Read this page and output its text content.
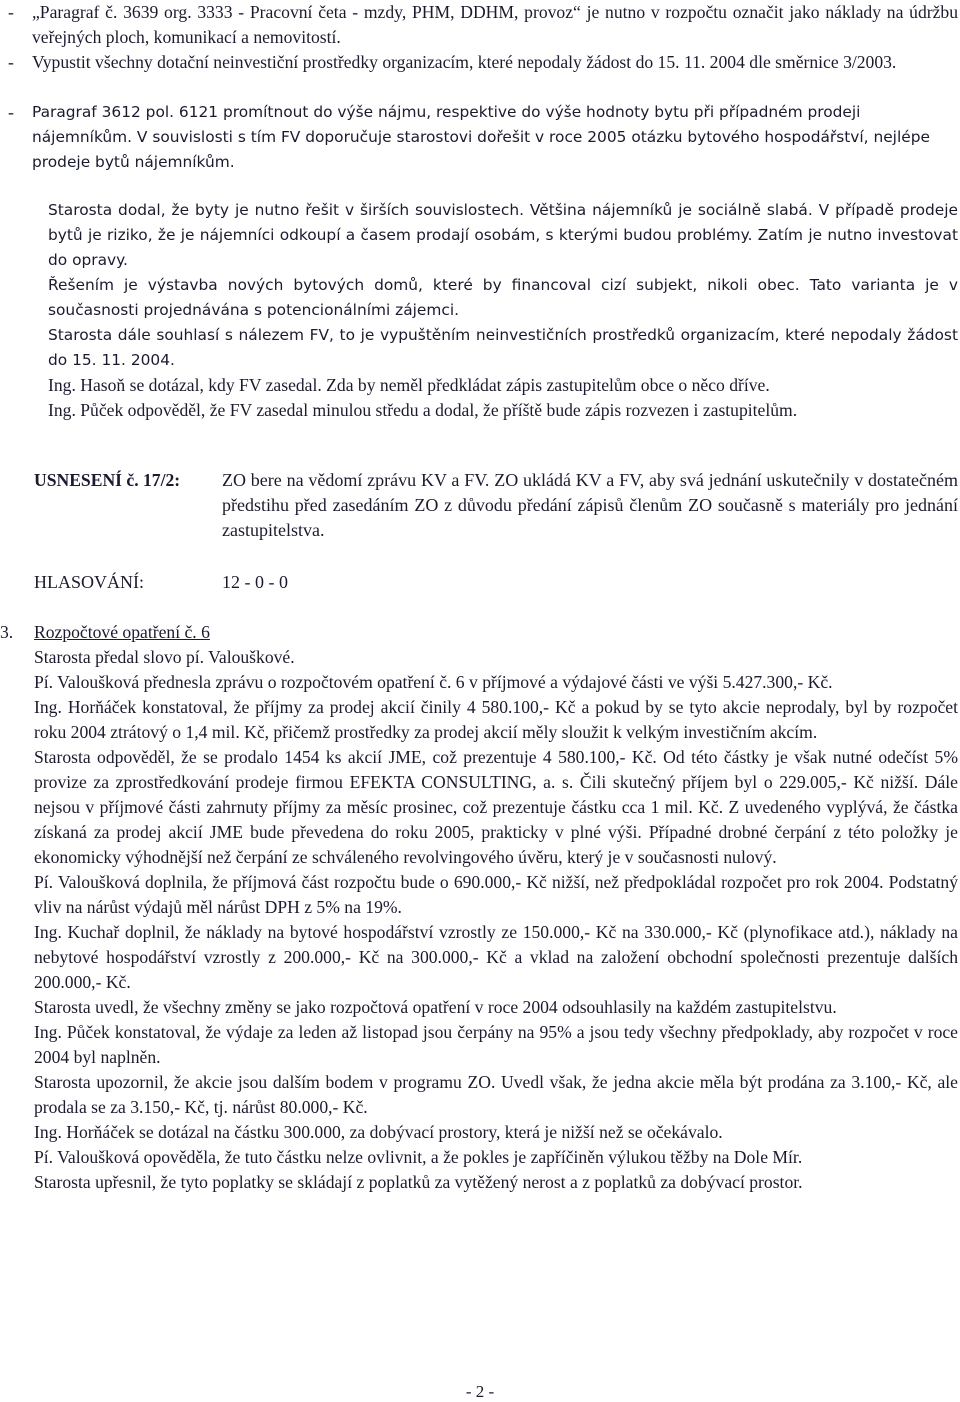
-	„Paragraf č. 3639 org. 3333 - Pracovní četa - mzdy, PHM, DDHM, provoz“ je nutno v rozpočtu označit jako náklady na údržbu veřejných ploch, komunikací a nemovitostí.

-	Vypustit všechny dotační neinvestiční prostředky organizacím, které nepodaly žádost do 15. 11. 2004 dle směrnice 3/2003.

-	Paragraf 3612 pol. 6121 promítnout do výše nájmu, respektive do výše hodnoty bytu při případném prodeji nájemníkům. V souvislosti s tím FV doporučuje starostovi dořešit v roce 2005 otázku bytového hospodářství, nejlépe prodeje bytů nájemníkům.

Starosta dodal, že byty je nutno řešit v širších souvislostech. Většina nájemníků je sociálně slabá. V případě prodeje bytů je riziko, že je nájemníci odkoupí a časem prodají osobám, s kterými budou problémy. Zatím je nutno investovat do opravy.

Řešením je výstavba nových bytových domů, které by financoval cizí subjekt, nikoli obec. Tato varianta je v současnosti projednávána s potencionálními zájemci.

Starosta dále souhlasí s nálezem FV, to je vypuštěním neinvestičních prostředků organizacím, které nepodaly žádost do 15. 11. 2004.

Ing. Hasoň se dotázal, kdy FV zasedal. Zda by neměl předkládat zápis zastupitelům obce o něco dříve.

Ing. Půček odpověděl, že FV zasedal minulou středu a dodal, že příště bude zápis rozvezen i zastupitelům.

USNESENÍ č. 17/2: ZO bere na vědomí zprávu KV a FV. ZO ukládá KV a FV, aby svá jednání uskutečnily v dostatečném předstihu před zasedáním ZO z důvodu předání zápisů členům ZO současně s materiály pro jednání zastupitelstva.

HLASOVÁNÍ:	12 - 0 - 0
3. Rozpočtové opatření č. 6

Starosta předal slovo pí. Valouškové.

Pí. Valoušková přednesla zprávu o rozpočtovém opatření č. 6 v příjmové a výdajové části ve výši 5.427.300,- Kč.

Ing. Horňáček konstatoval, že příjmy za prodej akcií činily 4 580.100,- Kč a pokud by se tyto akcie neprodaly, byl by rozpočet roku 2004 ztrátový o 1,4 mil. Kč, přičemž prostředky za prodej akcií měly sloužit k velkým investičním akcím.

Starosta odpověděl, že se prodalo 1454 ks akcií JME, což prezentuje 4 580.100,- Kč. Od této částky je však nutné odečíst 5% provize za zprostředkování prodeje firmou EFEKTA CONSULTING, a. s. Čili skutečný příjem byl o 229.005,- Kč nižší. Dále nejsou v příjmové části zahrnuty příjmy za měsíc prosinec, což prezentuje částku cca 1 mil. Kč. Z uvedeného vyplývá, že částka získaná za prodej akcií JME bude převedena do roku 2005, prakticky v plné výši. Případné drobné čerpání z této položky je ekonomicky výhodnější než čerpání ze schváleného revolvingového úvěru, který je v současnosti nulový.

Pí. Valoušková doplnila, že příjmová část rozpočtu bude o 690.000,- Kč nižší, než předpokládal rozpočet pro rok 2004. Podstatný vliv na nárůst výdajů měl nárůst DPH z 5% na 19%.

Ing. Kuchař doplnil, že náklady na bytové hospodářství vzrostly ze 150.000,- Kč na 330.000,- Kč (plynofikace atd.), náklady na nebytové hospodářství vzrostly z 200.000,- Kč na 300.000,- Kč a vklad na založení obchodní společnosti prezentuje dalších 200.000,- Kč.

Starosta uvedl, že všechny změny se jako rozpočtová opatření v roce 2004 odsouhlasily na každém zastupitelstvu.

Ing. Půček konstatoval, že výdaje za leden až listopad jsou čerpány na 95% a jsou tedy všechny předpoklady, aby rozpočet v roce 2004 byl naplněn.

Starosta upozornil, že akcie jsou dalším bodem v programu ZO. Uvedl však, že jedna akcie měla být prodána za 3.100,- Kč, ale prodala se za 3.150,- Kč, tj. nárůst 80.000,- Kč.

Ing. Horňáček se dotázal na částku 300.000, za dobývací prostory, která je nižší než se očekávalo.

Pí. Valoušková opověděla, že tuto částku nelze ovlivnit, a že pokles je zapříčiněn výlukou těžby na Dole Mír.

Starosta upřesnil, že tyto poplatky se skládají z poplatků za vytěžený nerost a z poplatků za dobývací prostor.

- 2 -
